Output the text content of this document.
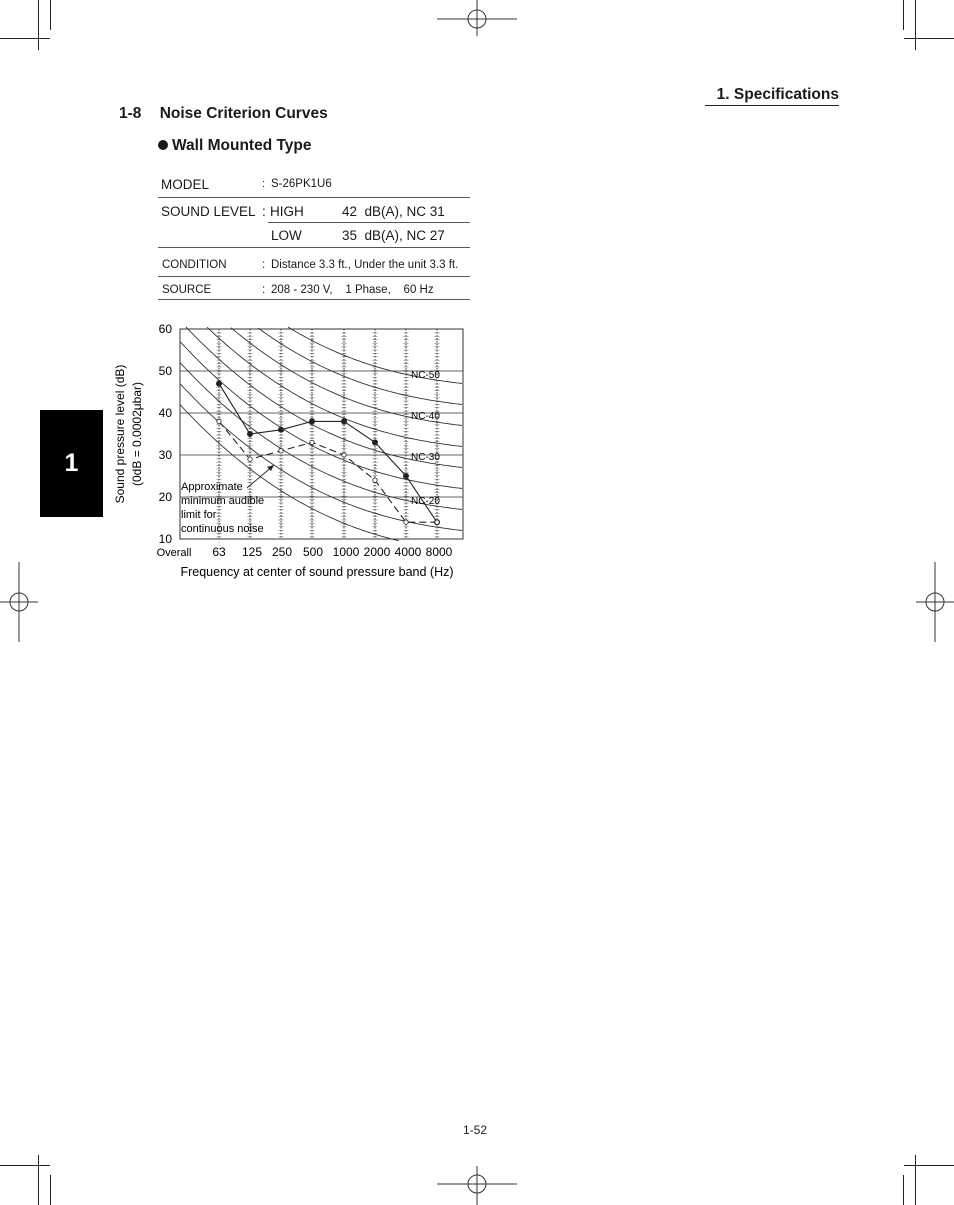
1. Specifications
1-8 Noise Criterion Curves
Wall Mounted Type
MODEL	: S-26PK1U6
SOUND LEVEL : HIGH	42  dB(A), NC 31
LOW	35  dB(A), NC 27
CONDITION	: Distance 3.3 ft., Under the unit 3.3 ft.
SOURCE	: 208 - 230 V,    1 Phase,    60 Hz
1
60
50
40
30
20
10
Overall 63 125 250 500 1000 2000 4000 8000
Sound pressure level (dB) (0dB = 0.0002μbar)
Frequency at center of sound pressure band (Hz)
NC-50
NC-40
NC-30
NC-20
Approximate
minimum audible
limit for
continuous noise
1-52
